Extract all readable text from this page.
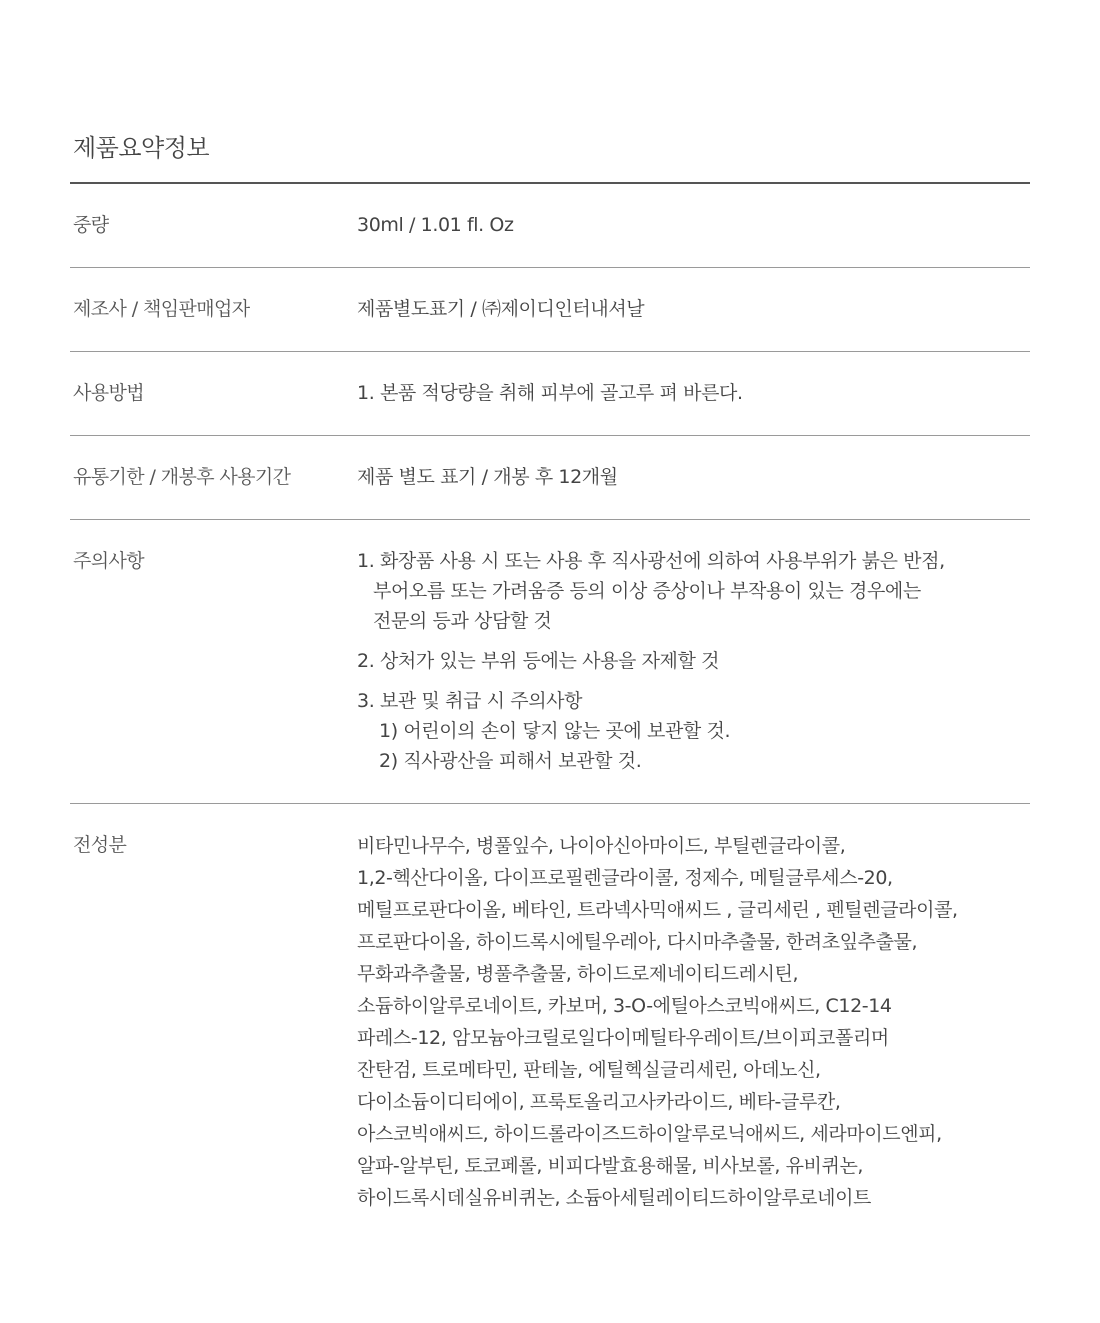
제품요약정보
중량	30ml / 1.01 fl. Oz
제조사 / 책임판매업자	제품별도표기 / ㈜제이디인터내셔날
사용방법	1. 본품 적당량을 취해 피부에 골고루 펴 바른다.
유통기한 / 개봉후 사용기간	제품 별도 표기 / 개봉 후 12개월
주의사항	1. 화장품 사용 시 또는 사용 후 직사광선에 의하여 사용부위가 붉은 반점,
부어오름 또는 가려움증 등의 이상 증상이나 부작용이 있는 경우에는
전문의 등과 상담할 것
2. 상처가 있는 부위 등에는 사용을 자제할 것
3. 보관 및 취급 시 주의사항
1) 어린이의 손이 닿지 않는 곳에 보관할 것.
2) 직사광산을 피해서 보관할 것.
전성분	비타민나무수, 병풀잎수, 나이아신아마이드, 부틸렌글라이콜,
1,2-헥산다이올, 다이프로필렌글라이콜, 정제수, 메틸글루세스-20,
메틸프로판다이올, 베타인, 트라넥사믹애씨드 , 글리세린 , 펜틸렌글라이콜,
프로판다이올, 하이드록시에틸우레아, 다시마추출물, 한려초잎추출물,
무화과추출물, 병풀추출물, 하이드로제네이티드레시틴,
소듐하이알루로네이트, 카보머, 3-O-에틸아스코빅애씨드, C12-14
파레스-12, 암모늄아크릴로일다이메틸타우레이트/브이피코폴리머
잔탄검, 트로메타민, 판테놀, 에틸헥실글리세린, 아데노신,
다이소듐이디티에이, 프룩토올리고사카라이드, 베타-글루칸,
아스코빅애씨드, 하이드롤라이즈드하이알루로닉애씨드, 세라마이드엔피,
알파-알부틴, 토코페롤, 비피다발효용해물, 비사보롤, 유비퀴논,
하이드록시데실유비퀴논, 소듐아세틸레이티드하이알루로네이트
